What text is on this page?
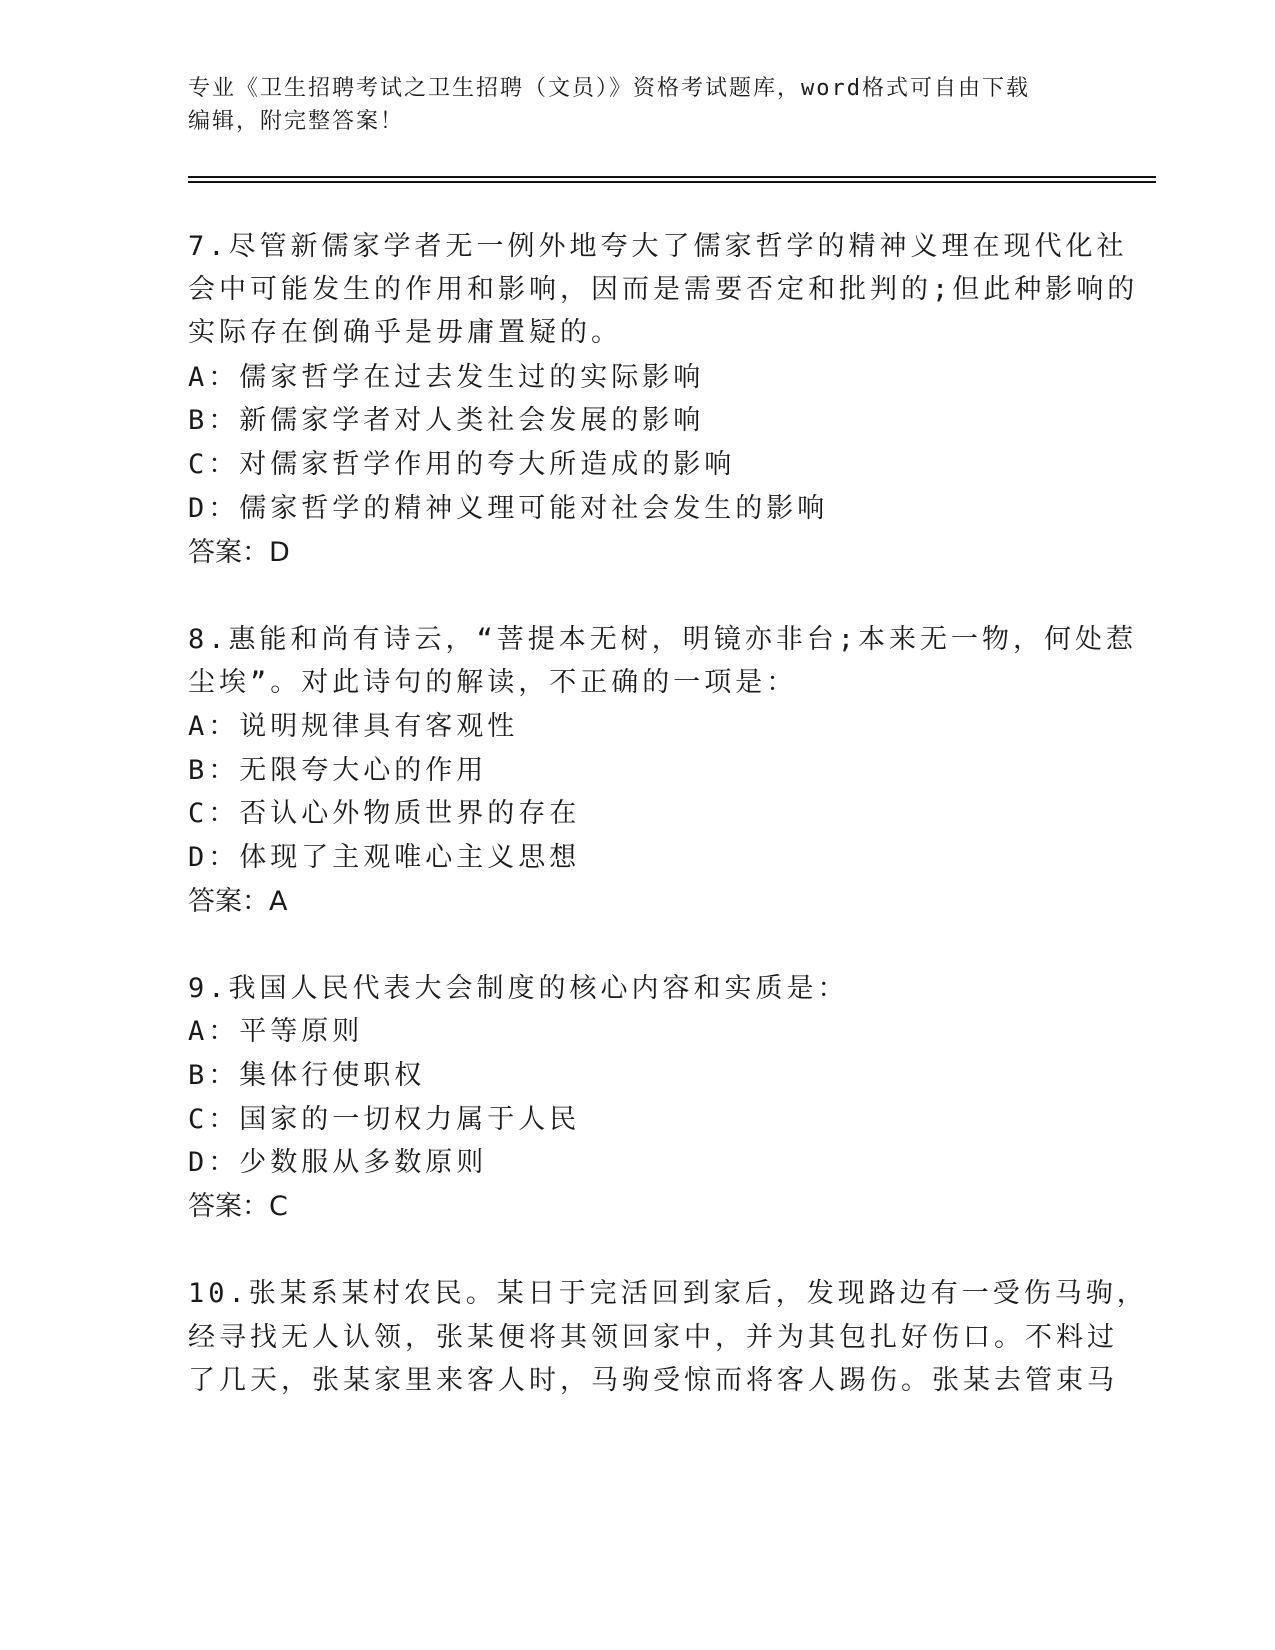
专业《卫生招聘考试之卫生招聘（文员）》资格考试题库，word格式可自由下载
编辑，附完整答案！

7.尽管新儒家学者无一例外地夸大了儒家哲学的精神义理在现代化社

会中可能发生的作用和影响，因而是需要否定和批判的;但此种影响的

实际存在倒确乎是毋庸置疑的。

A：儒家哲学在过去发生过的实际影响

B：新儒家学者对人类社会发展的影响

C：对儒家哲学作用的夸大所造成的影响

D：儒家哲学的精神义理可能对社会发生的影响

答案：D

8.惠能和尚有诗云，“菩提本无树，明镜亦非台;本来无一物，何处惹

尘埃”。对此诗句的解读，不正确的一项是：

A：说明规律具有客观性

B：无限夸大心的作用

C：否认心外物质世界的存在

D：体现了主观唯心主义思想

答案：A

9.我国人民代表大会制度的核心内容和实质是：

A：平等原则

B：集体行使职权

C：国家的一切权力属于人民

D：少数服从多数原则

答案：C

10.张某系某村农民。某日于完活回到家后，发现路边有一受伤马驹，

经寻找无人认领，张某便将其领回家中，并为其包扎好伤口。不料过

了几天，张某家里来客人时，马驹受惊而将客人踢伤。张某去管束马
